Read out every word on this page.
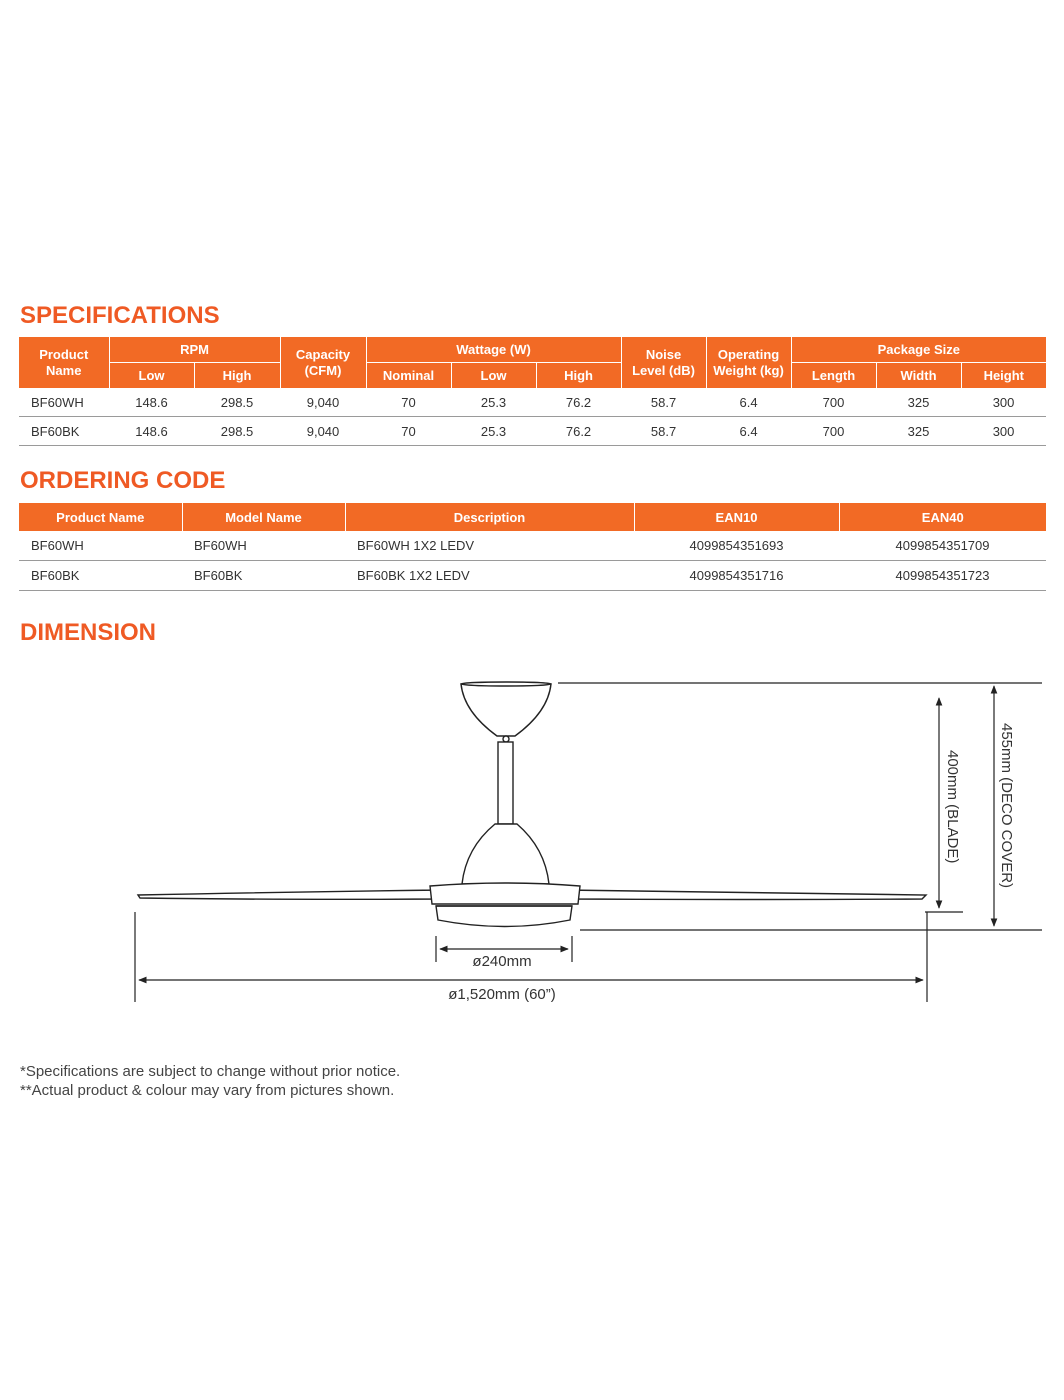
SPECIFICATIONS
Product Name	RPM		Capacity (CFM)	Wattage (W)			Noise Level (dB)	Operating Weight (kg)	Package Size		
	Low	High		Nominal	Low	High			Length	Width	Height
BF60WH	148.6	298.5	9,040	70	25.3	76.2	58.7	6.4	700	325	300
BF60BK	148.6	298.5	9,040	70	25.3	76.2	58.7	6.4	700	325	300
ORDERING CODE
Product Name	Model Name	Description	EAN10	EAN40
BF60WH	BF60WH	BF60WH 1X2 LEDV	4099854351693	4099854351709
BF60BK	BF60BK	BF60BK 1X2 LEDV	4099854351716	4099854351723
DIMENSION
ø240mm
ø1,520mm (60”)
400mm (BLADE) 455mm (DECO COVER)
*Specifications are subject to change without prior notice.
**Actual product & colour may vary from pictures shown.
